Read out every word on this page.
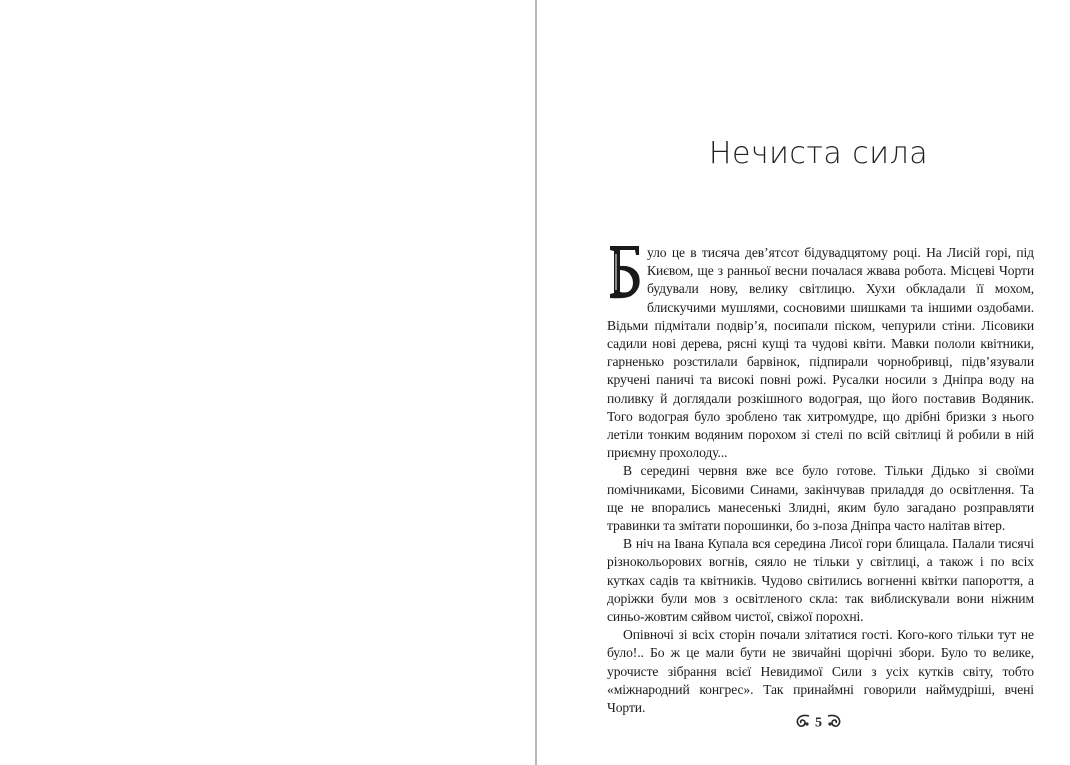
Нечиста сила

уло це в тисяча дев’ятсот бідувадцятому році. На Лисій горі, під Києвом, ще з ранньої весни почалася жвава робота. Місцеві Чорти будували нову, велику світлицю. Хухи обкладали її мохом, блискучими мушлями, сосновими шишками та іншими оздобами. Відьми підмітали подвір’я, посипали піском, чепурили стіни. Лісовики садили нові дерева, рясні кущі та чудові квіти. Мавки пололи квітники, гарненько розстилали барвінок, підпирали чорнобривці, підв’язували кручені паничі та високі повні рожі. Русалки носили з Дніпра воду на поливку й доглядали розкішного водограя, що його поставив Водяник. Того водограя було зроблено так хитромудре, що дрібні бризки з нього летіли тонким водяним порохом зі стелі по всій світлиці й робили в ній приємну прохолоду...

В середині червня вже все було готове. Тільки Дідько зі своїми помічниками, Бісовими Синами, закінчував приладдя до освітлення. Та ще не впорались манесенькі Злидні, яким було загадано розправляти травинки та змітати порошинки, бо з-поза Дніпра часто налітав вітер.

В ніч на Івана Купала вся середина Лисої гори блищала. Палали тисячі різнокольорових вогнів, сяяло не тільки у світлиці, а також і по всіх кутках садів та квітників. Чудово світились вогненні квітки папороття, а доріжки були мов з освітленого скла: так виблискували вони ніжним синьо-жовтим сяйвом чистої, свіжої порохні.

Опівночі зі всіх сторін почали злітатися гості. Кого-кого тільки тут не було!.. Бо ж це мали бути не звичайні щорічні збори. Було то велике, урочисте зібрання всієї Невидимої Сили з усіх кутків світу, тобто «міжнародний конгрес». Так принаймні говорили наймудріші, вчені Чорти.

5
